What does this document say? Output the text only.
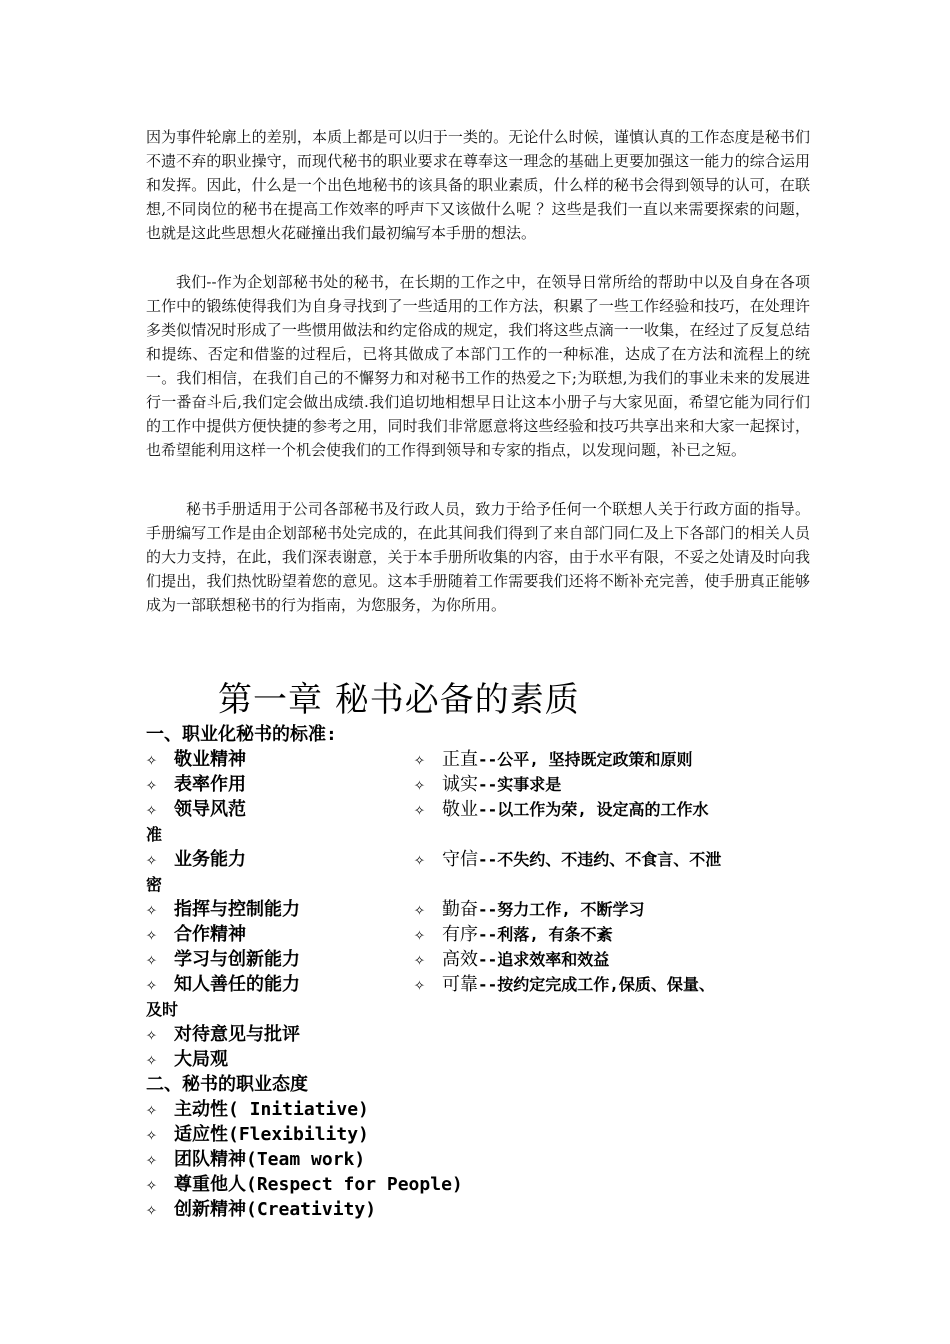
因为事件轮廓上的差别，本质上都是可以归于一类的。无论什么时候，谨慎认真的工作态度是秘书们不遗不弃的职业操守，而现代秘书的职业要求在尊奉这一理念的基础上更要加强这一能力的综合运用和发挥。因此，什么是一个出色地秘书的该具备的职业素质，什么样的秘书会得到领导的认可，在联想,不同岗位的秘书在提高工作效率的呼声下又该做什么呢 ？这些是我们一直以来需要探索的问题，也就是这此些思想火花碰撞出我们最初编写本手册的想法。

我们--作为企划部秘书处的秘书，在长期的工作之中，在领导日常所给的帮助中以及自身在各项工作中的锻练使得我们为自身寻找到了一些适用的工作方法，积累了一些工作经验和技巧，在处理许多类似情况时形成了一些惯用做法和约定俗成的规定，我们将这些点滴一一收集，在经过了反复总结和提练、否定和借鉴的过程后，已将其做成了本部门工作的一种标准，达成了在方法和流程上的统一。我们相信，在我们自己的不懈努力和对秘书工作的热爱之下;为联想,为我们的事业未来的发展进行一番奋斗后,我们定会做出成绩.我们追切地相想早日让这本小册子与大家见面，希望它能为同行们的工作中提供方便快捷的参考之用，同时我们非常愿意将这些经验和技巧共享出来和大家一起探讨，也希望能利用这样一个机会使我们的工作得到领导和专家的指点，以发现问题，补已之短。

秘书手册适用于公司各部秘书及行政人员，致力于给予任何一个联想人关于行政方面的指导。手册编写工作是由企划部秘书处完成的，在此其间我们得到了来自部门同仁及上下各部门的相关人员的大力支持，在此，我们深表谢意，关于本手册所收集的内容，由于水平有限，不妥之处请及时向我们提出，我们热忱盼望着您的意见。这本手册随着工作需要我们还将不断补充完善，使手册真正能够成为一部联想秘书的行为指南，为您服务，为你所用。

第一章 秘书必备的素质
一、职业化秘书的标准:
✧ 敬业精神	✧ 正直--公平, 坚持既定政策和原则
✧ 表率作用	✧ 诚实--实事求是
✧ 领导风范	✧ 敬业--以工作为荣, 设定高的工作水
准
✧ 业务能力	✧ 守信--不失约、不违约、不食言、不泄
密
✧ 指挥与控制能力	✧ 勤奋--努力工作, 不断学习
✧ 合作精神	✧ 有序--利落, 有条不紊
✧ 学习与创新能力	✧ 高效--追求效率和效益
✧ 知人善任的能力	✧ 可靠--按约定完成工作,保质、保量、
及时
✧ 对待意见与批评
✧ 大局观
二、秘书的职业态度
✧ 主动性( Initiative)
✧ 适应性(Flexibility)
✧ 团队精神(Team work)
✧ 尊重他人(Respect for People)
✧ 创新精神(Creativity)
